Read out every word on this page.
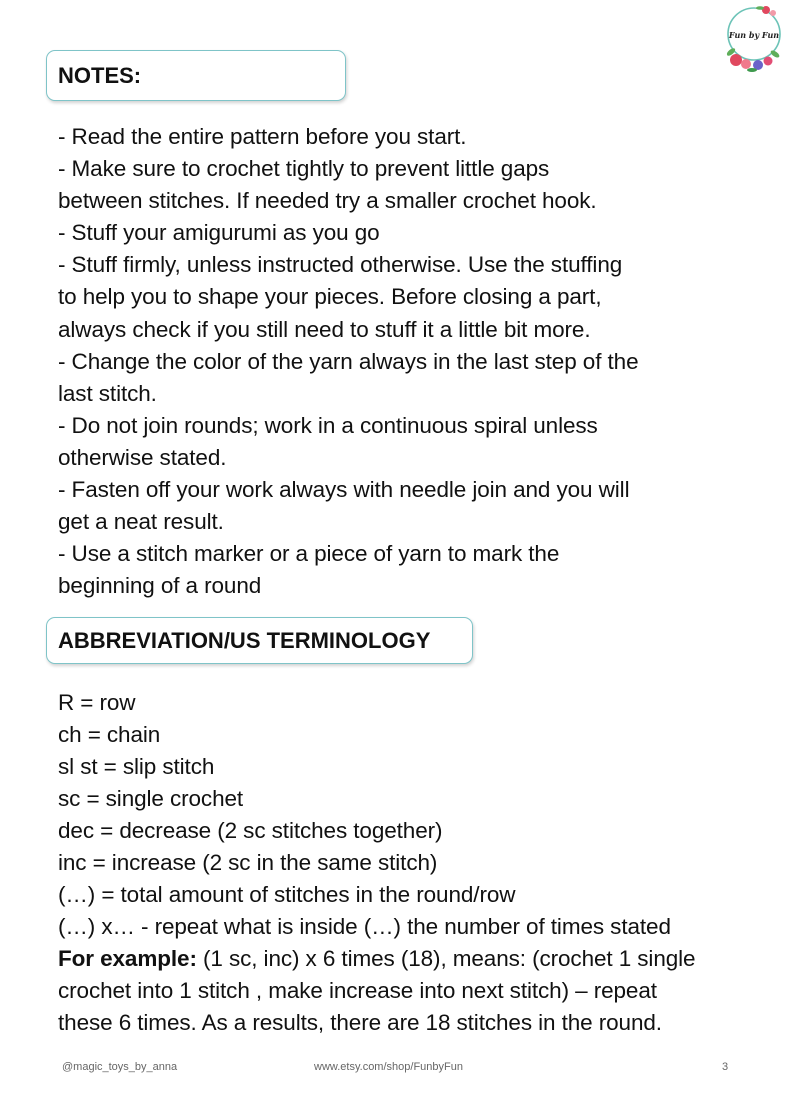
Fun by Fun
NOTES:
- Read the entire pattern before you start.
- Make sure to crochet tightly to prevent little gaps
between stitches. If needed try a smaller crochet hook.
- Stuff your amigurumi as you go
- Stuff firmly, unless instructed otherwise. Use the stuffing
to help you to shape your pieces. Before closing a part,
always check if you still need to stuff it a little bit more.
- Change the color of the yarn always in the last step of the
last stitch.
- Do not join rounds; work in a continuous spiral unless
otherwise stated.
- Fasten off your work always with needle join and you will
get a neat result.
- Use a stitch marker or a piece of yarn to mark the
beginning of a round
ABBREVIATION/US TERMINOLOGY
R = row
ch = chain
sl st = slip stitch
sc = single crochet
dec = decrease (2 sc stitches together)
inc = increase (2 sc in the same stitch)
(…) = total amount of stitches in the round/row
(…) x… - repeat what is inside (…) the number of times stated
For example: (1 sc, inc) x 6 times (18), means: (crochet 1 single
crochet into 1 stitch , make increase into next stitch) – repeat
these 6 times. As a results, there are 18 stitches in the round.
@magic_toys_by_anna	www.etsy.com/shop/FunbyFun	3
